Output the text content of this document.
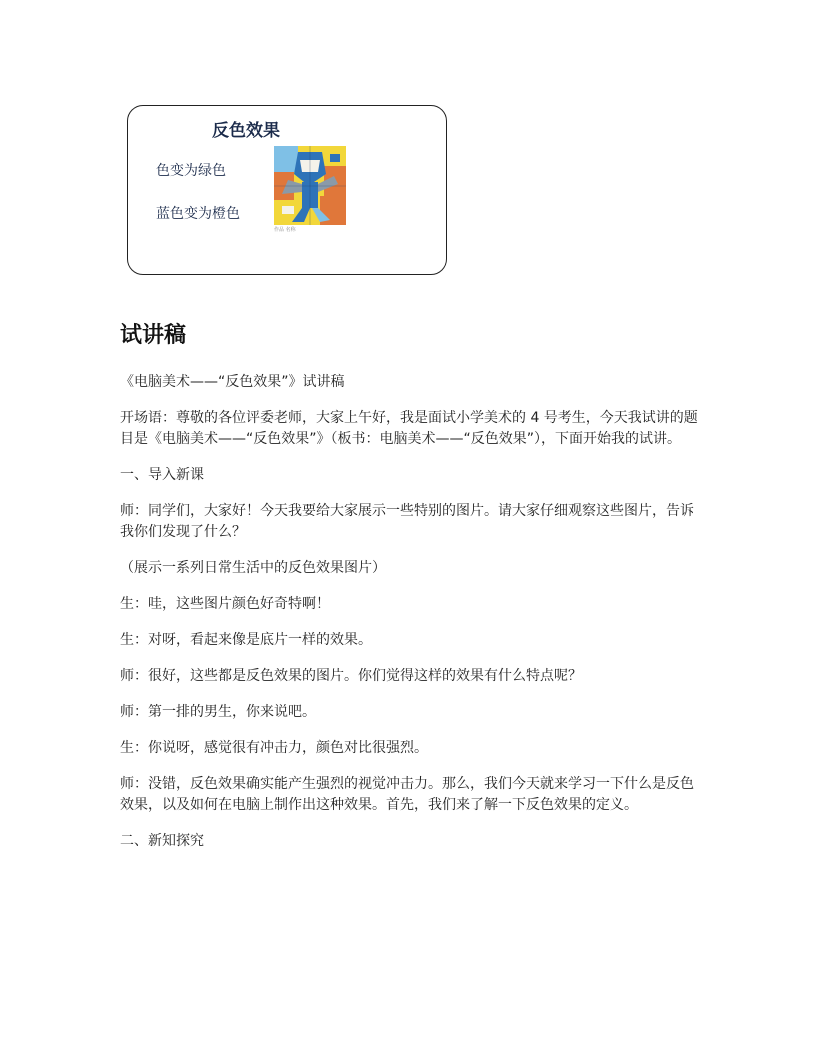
反色效果
色变为绿色
蓝色变为橙色
作品 名称
试讲稿

《电脑美术——“反色效果”》试讲稿

开场语：尊敬的各位评委老师，大家上午好，我是面试小学美术的 4 号考生，今天我试讲的题目是《电脑美术——“反色效果”》（板书：电脑美术——“反色效果”），下面开始我的试讲。

一、导入新课

师：同学们，大家好！今天我要给大家展示一些特别的图片。请大家仔细观察这些图片，告诉我你们发现了什么？

（展示一系列日常生活中的反色效果图片）

生：哇，这些图片颜色好奇特啊！

生：对呀，看起来像是底片一样的效果。

师：很好，这些都是反色效果的图片。你们觉得这样的效果有什么特点呢？

师：第一排的男生，你来说吧。

生：你说呀，感觉很有冲击力，颜色对比很强烈。

师：没错，反色效果确实能产生强烈的视觉冲击力。那么，我们今天就来学习一下什么是反色效果，以及如何在电脑上制作出这种效果。首先，我们来了解一下反色效果的定义。

二、新知探究
